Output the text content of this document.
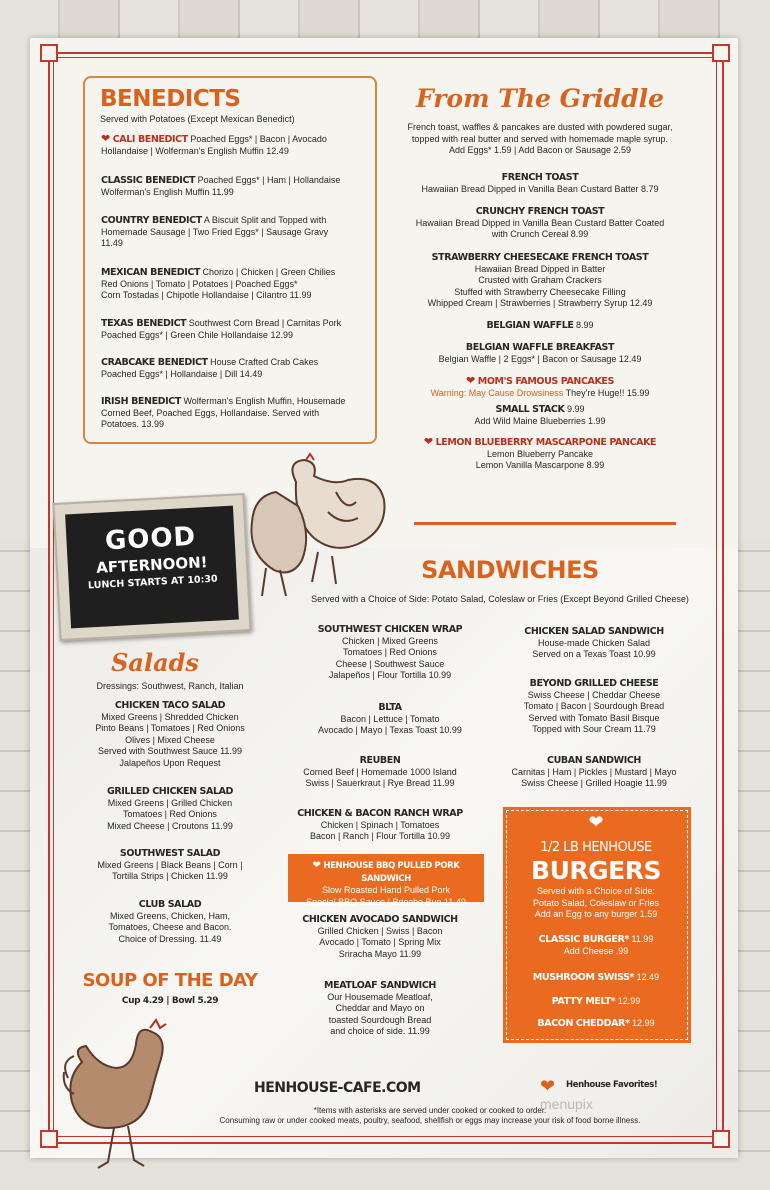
BENEDICTS
Served with Potatoes (Except Mexican Benedict)
❤ CALI BENEDICT Poached Eggs* | Bacon | Avocado
Hollandaise | Wolferman's English Muffin 12.49
CLASSIC BENEDICT Poached Eggs* | Ham | Hollandaise
Wolferman's English Muffin 11.99
COUNTRY BENEDICT A Biscuit Split and Topped with
Homemade Sausage | Two Fried Eggs* | Sausage Gravy
11.49
MEXICAN BENEDICT Chorizo | Chicken | Green Chilies
Red Onions | Tomato | Potatoes | Poached Eggs*
Corn Tostadas | Chipotle Hollandaise | Cilantro 11.99
TEXAS BENEDICT Southwest Corn Bread | Carnitas Pork
Poached Eggs* | Green Chile Hollandaise 12.99
CRABCAKE BENEDICT House Crafted Crab Cakes
Poached Eggs* | Hollandaise | Dill 14.49
IRISH BENEDICT Wolferman's English Muffin, Housemade
Corned Beef, Poached Eggs, Hollandaise. Served with
Potatoes. 13.99
From The Griddle
French toast, waffles & pancakes are dusted with powdered sugar,
topped with real butter and served with homemade maple syrup.
Add Eggs* 1.59 | Add Bacon or Sausage 2.59
FRENCH TOAST
Hawaiian Bread Dipped in Vanilla Bean Custard Batter 8.79
CRUNCHY FRENCH TOAST
Hawaiian Bread Dipped in Vanilla Bean Custard Batter Coated
with Crunch Cereal 8.99
STRAWBERRY CHEESECAKE FRENCH TOAST
Hawaiian Bread Dipped in Batter
Crusted with Graham Crackers
Stuffed with Strawberry Cheesecake Filling
Whipped Cream | Strawberries | Strawberry Syrup 12.49
BELGIAN WAFFLE 8.99
BELGIAN WAFFLE BREAKFAST
Belgian Waffle | 2 Eggs* | Bacon or Sausage 12.49
❤ MOM'S FAMOUS PANCAKES
Warning: May Cause Drowsiness They're Huge!! 15.99
SMALL STACK 9.99
Add Wild Maine Blueberries 1.99
❤ LEMON BLUEBERRY MASCARPONE PANCAKE
Lemon Blueberry Pancake
Lemon Vanilla Mascarpone 8.99
GOOD
AFTERNOON!
LUNCH STARTS AT 10:30	SANDWICHES
Served with a Choice of Side: Potato Salad, Coleslaw or Fries (Except Beyond Grilled Cheese)
SOUTHWEST CHICKEN WRAP
Chicken | Mixed Greens
Tomatoes | Red Onions
Cheese | Southwest Sauce
Jalapeños | Flour Tortilla 10.99
BLTA
Bacon | Lettuce | Tomato
Avocado | Mayo | Texas Toast 10.99
REUBEN
Corned Beef | Homemade 1000 Island
Swiss | Sauerkraut | Rye Bread 11.99
CHICKEN & BACON RANCH WRAP
Chicken | Spinach | Tomatoes
Bacon | Ranch | Flour Tortilla 10.99
❤ HENHOUSE BBQ PULLED PORK SANDWICH
Slow Roasted Hand Pulled Pork
Special BBQ Sauce | Brioche Bun 11.49
CHICKEN AVOCADO SANDWICH
Grilled Chicken | Swiss | Bacon
Avocado | Tomato | Spring Mix
Sriracha Mayo 11.99
MEATLOAF SANDWICH
Our Housemade Meatloaf,
Cheddar and Mayo on
toasted Sourdough Bread
and choice of side. 11.99
CHICKEN SALAD SANDWICH
House-made Chicken Salad
Served on a Texas Toast 10.99
BEYOND GRILLED CHEESE
Swiss Cheese | Cheddar Cheese
Tomato | Bacon | Sourdough Bread
Served with Tomato Basil Bisque
Topped with Sour Cream 11.79
CUBAN SANDWICH
Carnitas | Ham | Pickles | Mustard | Mayo
Swiss Cheese | Grilled Hoagie 11.99
Salads
Dressings: Southwest, Ranch, Italian
CHICKEN TACO SALAD
Mixed Greens | Shredded Chicken
Pinto Beans | Tomatoes | Red Onions
Olives | Mixed Cheese
Served with Southwest Sauce 11.99
Jalapeños Upon Request
GRILLED CHICKEN SALAD
Mixed Greens | Grilled Chicken
Tomatoes | Red Onions
Mixed Cheese | Croutons 11.99
SOUTHWEST SALAD
Mixed Greens | Black Beans | Corn |
Tortilla Strips | Chicken 11.99
CLUB SALAD
Mixed Greens, Chicken, Ham,
Tomatoes, Cheese and Bacon.
Choice of Dressing. 11.49
SOUP OF THE DAY
Cup 4.29 | Bowl 5.29
❤
1/2 LB HENHOUSE
BURGERS
Served with a Choice of Side:
Potato Salad, Coleslaw or Fries
Add an Egg to any burger 1.59
CLASSIC BURGER* 11.99
Add Cheese .99
MUSHROOM SWISS* 12.49
PATTY MELT* 12.99
BACON CHEDDAR* 12.99
HENHOUSE-CAFE.COM	❤ Henhouse Favorites!
*Items with asterisks are served under cooked or cooked to order.
Consuming raw or under cooked meats, poultry, seafood, shellfish or eggs may increase your risk of food borne illness.
menupix
